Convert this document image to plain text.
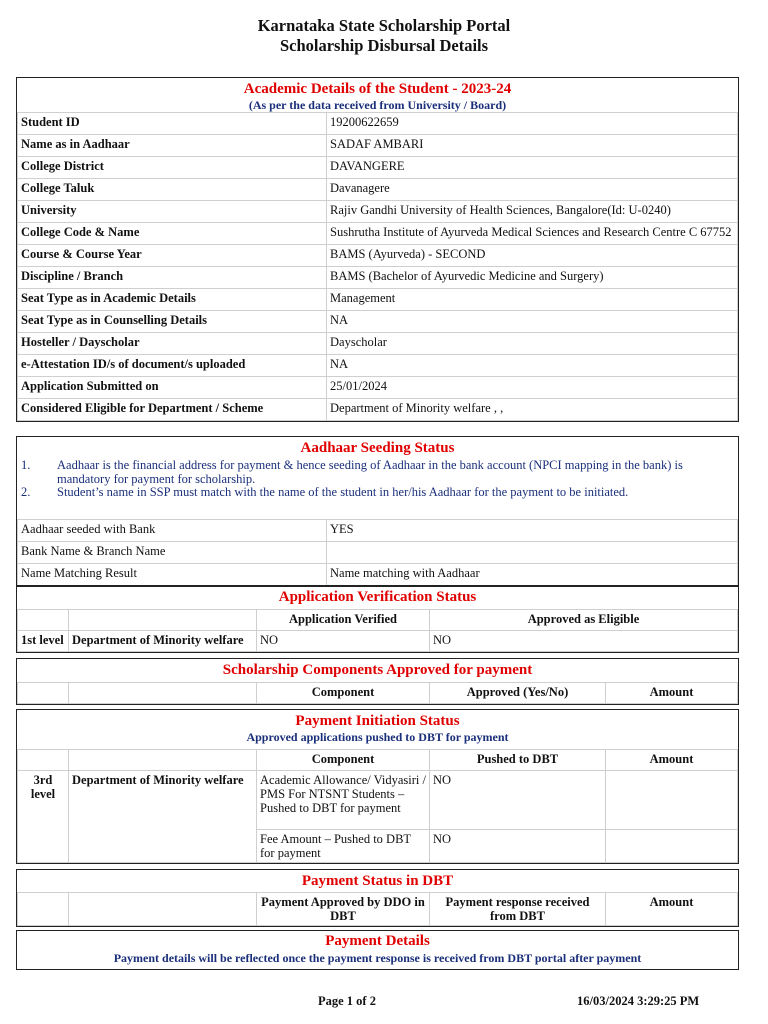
Karnataka State Scholarship Portal
Scholarship Disbursal Details
Academic Details of the Student - 2023-24
(As per the data received from University / Board)
Student ID	19200622659
Name as in Aadhaar	SADAF AMBARI
College District	DAVANGERE
College Taluk	Davanagere
University	Rajiv Gandhi University of Health Sciences, Bangalore(Id: U-0240)
College Code & Name	Sushrutha Institute of Ayurveda Medical Sciences and Research Centre C 67752
Course & Course Year	BAMS (Ayurveda) - SECOND
Discipline / Branch	BAMS (Bachelor of Ayurvedic Medicine and Surgery)
Seat Type as in Academic Details	Management
Seat Type as in Counselling Details	NA
Hosteller / Dayscholar	Dayscholar
e-Attestation ID/s of document/s uploaded	NA
Application Submitted on	25/01/2024
Considered Eligible for Department / Scheme	Department of Minority welfare , ,
Aadhaar Seeding Status
1.	Aadhaar is the financial address for payment & hence seeding of Aadhaar in the bank account (NPCI mapping in the bank) is mandatory for payment for scholarship.
2.	Student’s name in SSP must match with the name of the student in her/his Aadhaar for the payment to be initiated.
Aadhaar seeded with Bank	YES
Bank Name & Branch Name	
Name Matching Result	Name matching with Aadhaar
Application Verification Status
		Application Verified	Approved as Eligible
1st level	Department of Minority welfare	NO	NO
Scholarship Components Approved for payment
		Component	Approved (Yes/No)	Amount
Payment Initiation Status
Approved applications pushed to DBT for payment
		Component	Pushed to DBT	Amount
3rd level	Department of Minority welfare	Academic Allowance/ Vidyasiri / PMS For NTSNT Students – Pushed to DBT for payment	NO	
		Fee Amount – Pushed to DBT for payment	NO	
Payment Status in DBT
		Payment Approved by DDO in DBT	Payment response received from DBT	Amount
Payment Details
Payment details will be reflected once the payment response is received from DBT portal after payment
Page 1 of 2	16/03/2024 3:29:25 PM
